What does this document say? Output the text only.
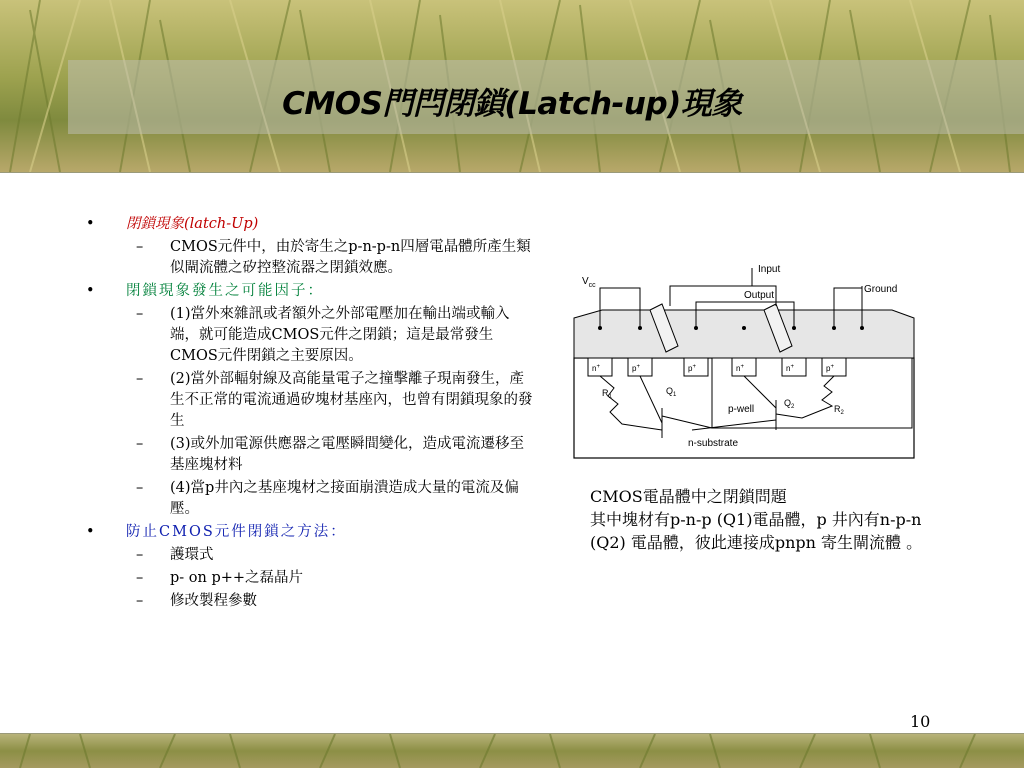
CMOS門閂閉鎖(Latch-up)現象
•	閉鎖現象(latch-Up)
– CMOS元件中，由於寄生之p-n-p-n四層電晶體所產生類似閘流體之矽控整流器之閉鎖效應。
•	閉鎖現象發生之可能因子：
– (1)當外來雜訊或者額外之外部電壓加在輸出端或輸入端，就可能造成CMOS元件之閉鎖；這是最常發生CMOS元件閉鎖之主要原因。
– (2)當外部輻射線及高能量電子之撞擊離子現南發生，產生不正常的電流通過矽塊材基座內，也曾有閉鎖現象的發生
– (3)或外加電源供應器之電壓瞬間變化，造成電流遷移至基座塊材料
– (4)當p井內之基座塊材之接面崩潰造成大量的電流及偏壓。
•	防止CMOS元件閉鎖之方法：
– 護環式
– p- on p++之磊晶片
– 修改製程參數
$V_{cc}$
Input
Output
Ground
n+	p+	p+	n+	n+	p+
$Q_1$
$Q_2$
$R_1$
$R_2$
p-well
n-substrate
CMOS電晶體中之閉鎖問題
其中塊材有p-n-p (Q1)電晶體，p 井內有n-p-n
(Q2) 電晶體，彼此連接成pnpn 寄生閘流體 。
10
